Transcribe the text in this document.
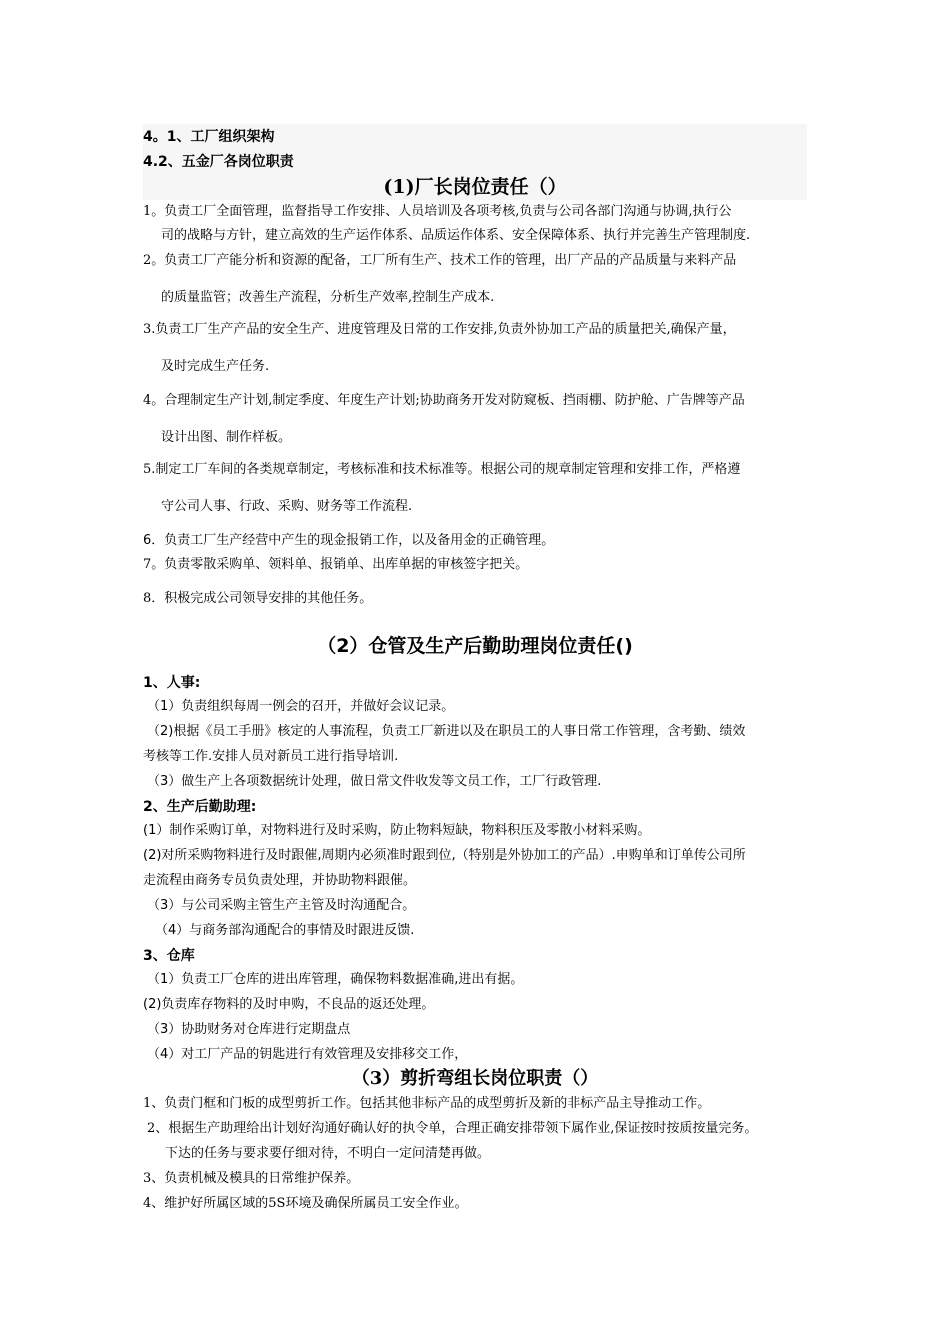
4。1、工厂组织架构
4.2、五金厂各岗位职责
(1)厂长岗位责任（）
1。负责工厂全面管理，监督指导工作安排、人员培训及各项考核,负责与公司各部门沟通与协调,执行公
司的战略与方针，建立高效的生产运作体系、品质运作体系、安全保障体系、执行并完善生产管理制度.
2。负责工厂产能分析和资源的配备，工厂所有生产、技术工作的管理，出厂产品的产品质量与来料产品
的质量监管；改善生产流程，分析生产效率,控制生产成本.
3.负责工厂生产产品的安全生产、进度管理及日常的工作安排,负责外协加工产品的质量把关,确保产量，
及时完成生产任务.
4。合理制定生产计划,制定季度、年度生产计划;协助商务开发对防窥板、挡雨棚、防护舱、广告牌等产品
设计出图、制作样板。
5.制定工厂车间的各类规章制定，考核标准和技术标准等。根据公司的规章制定管理和安排工作，严格遵
守公司人事、行政、采购、财务等工作流程.
6．负责工厂生产经营中产生的现金报销工作，以及备用金的正确管理。
7。负责零散采购单、领料单、报销单、出库单据的审核签字把关。
8．积极完成公司领导安排的其他任务。
（2）仓管及生产后勤助理岗位责任()
1、人事:
（1）负责组织每周一例会的召开，并做好会议记录。
（2)根据《员工手册》核定的人事流程，负责工厂新进以及在职员工的人事日常工作管理，含考勤、绩效
考核等工作.安排人员对新员工进行指导培训.
（3）做生产上各项数据统计处理，做日常文件收发等文员工作，工厂行政管理.
2、生产后勤助理:
(1）制作采购订单，对物料进行及时采购，防止物料短缺，物料积压及零散小材料采购。
(2)对所采购物料进行及时跟催,周期内必须准时跟到位,（特别是外协加工的产品）.申购单和订单传公司所
走流程由商务专员负责处理，并协助物料跟催。
（3）与公司采购主管生产主管及时沟通配合。
（4）与商务部沟通配合的事情及时跟进反馈.
3、仓库
（1）负责工厂仓库的进出库管理，确保物料数据准确,进出有据。
(2)负责库存物料的及时申购，不良品的返还处理。
（3）协助财务对仓库进行定期盘点
（4）对工厂产品的钥匙进行有效管理及安排移交工作，
（3）剪折弯组长岗位职责（）
1、负责门框和门板的成型剪折工作。包括其他非标产品的成型剪折及新的非标产品主导推动工作。
2、根据生产助理给出计划好沟通好确认好的执令单，合理正确安排带领下属作业,保证按时按质按量完务。
下达的任务与要求要仔细对待，不明白一定问清楚再做。
3、负责机械及模具的日常维护保养。
4、维护好所属区域的5S环境及确保所属员工安全作业。
